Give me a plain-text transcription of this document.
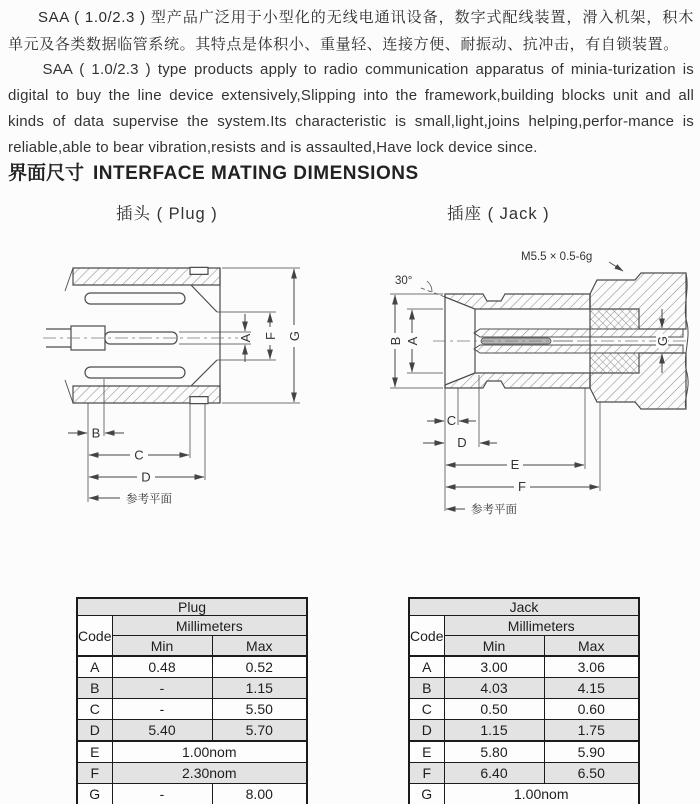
SAA ( 1.0/2.3 ) 型产品广泛用于小型化的无线电通讯设备，数字式配线装置，滑入机架，积木单元及各类数据临管系统。其特点是体积小、重量轻、连接方便、耐振动、抗冲击，有自锁装置。

SAA ( 1.0/2.3 ) type products apply to radio communication apparatus of minia-turization is digital to buy the line device extensively,Slipping into the framework,building blocks unit and all kinds of data supervise the system.Its characteristic is small,light,joins helping,perfor-mance is reliable,able to bear vibration,resists and is assaulted,Have lock device since.

界面尺寸 INTERFACE MATING DIMENSIONS
插头 ( Plug )	插座 ( Jack )
A F G
B
C
D
参考平面
M5.5 × 0.5-6g
30°
B A	G
C
D
E
F
参考平面
Plug		
Code	Millimeters	
	Min	Max
A	0.48	0.52
B	-	1.15
C	-	5.50
D	5.40	5.70
E	1.00nom	
F	2.30nom	
G	-	8.00
Jack		
Code	Millimeters	
	Min	Max
A	3.00	3.06
B	4.03	4.15
C	0.50	0.60
D	1.15	1.75
E	5.80	5.90
F	6.40	6.50
G	1.00nom	
